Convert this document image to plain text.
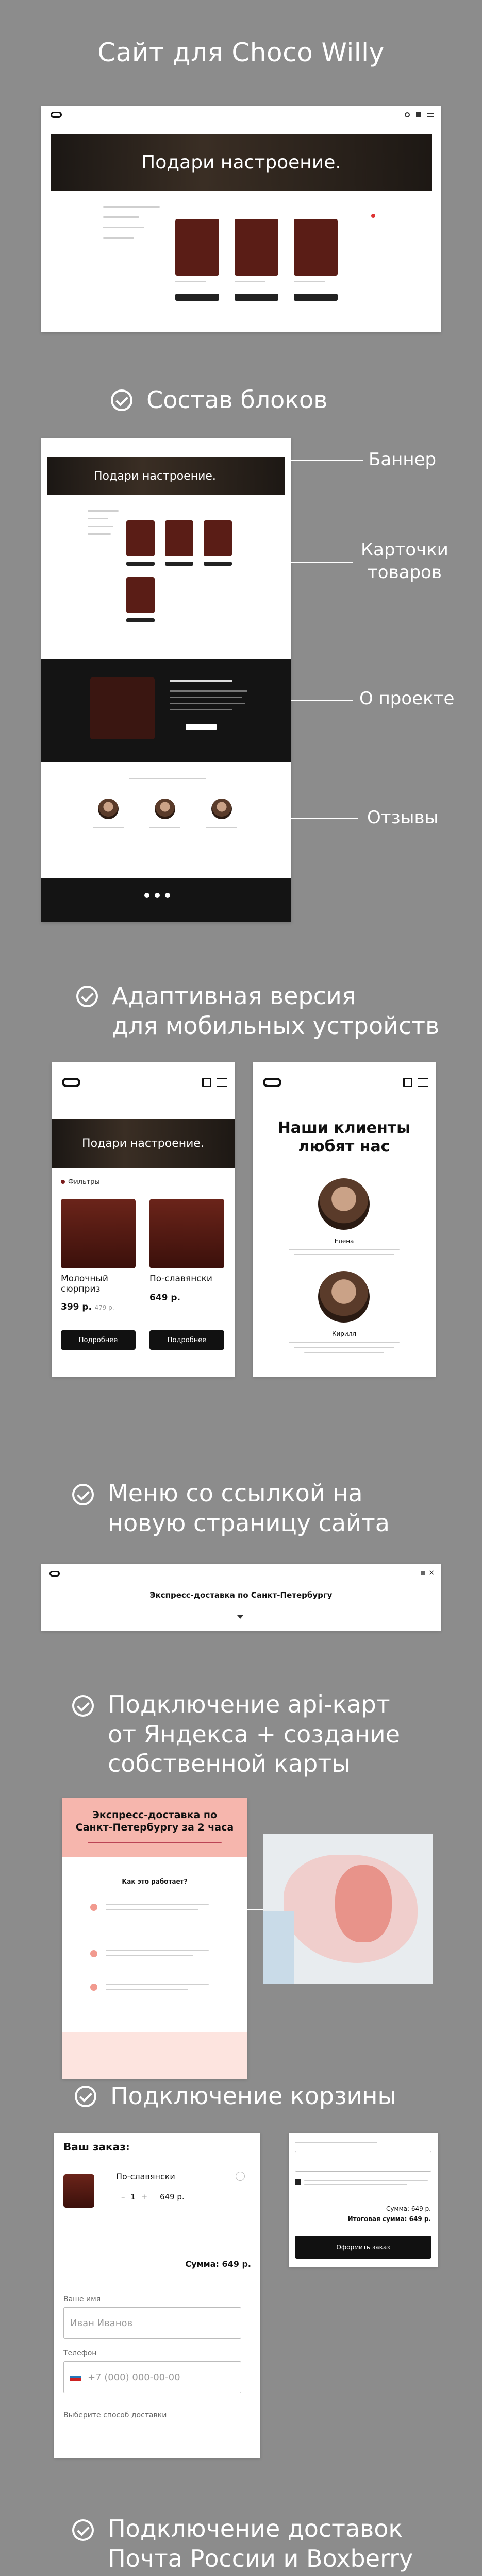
Сайт для Choco Willy
Подари настроение.
Состав блоков
Подари настроение.
Баннер
Карточки
товаров
О проекте
Отзывы
Адаптивная версия
для мобильных устройств
Подари настроение.
Фильтры
Молочный
сюрприз
По-славянски
399 р. 479 р.
649 р.
Подробнее	Подробнее
Наши клиенты
любят нас
Елена
Кирилл
Меню со ссылкой на
новую страницу сайта
Экспресс-доставка по Санкт-Петербургу
×
Подключение api-карт
от Яндекса + создание
собственной карты
Экспресс-доставка по
Санкт-Петербургу за 2 часа
Как это работает?
Подключение корзины
Ваш заказ:
По-славянски
– 1 + 649 р.
Сумма: 649 р.
Ваше имя
Иван Иванов
Телефон
+7 (000) 000-00-00
Выберите способ доставки
Сумма: 649 р.
Итоговая сумма: 649 р.
Оформить заказ
Подключение доставок
Почта России и Boxberry
